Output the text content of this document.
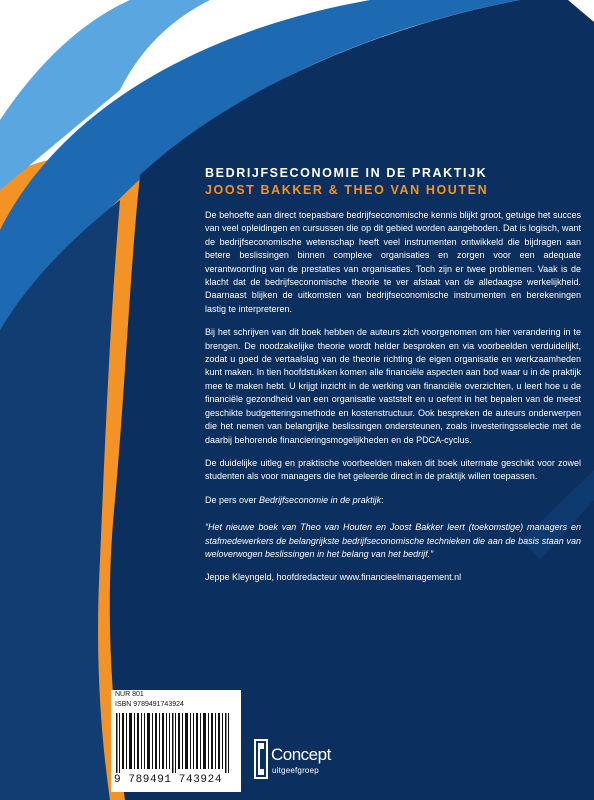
BEDRIJFSECONOMIE IN DE PRAKTIJK
JOOST BAKKER & THEO VAN HOUTEN

De behoefte aan direct toepasbare bedrijfseconomische kennis blijkt groot, getuige het succes van veel opleidingen en cursussen die op dit gebied worden aangeboden. Dat is logisch, want de bedrijfseconomische wetenschap heeft veel instrumenten ontwikkeld die bijdragen aan betere beslissingen binnen complexe organisaties en zorgen voor een adequate verantwoording van de prestaties van organisaties. Toch zijn er twee problemen. Vaak is de klacht dat de bedrijfseconomische theorie te ver afstaat van de alledaagse werkelijkheid. Daarnaast blijken de uitkomsten van bedrijfseconomische instrumenten en berekeningen lastig te interpreteren.

Bij het schrijven van dit boek hebben de auteurs zich voorgenomen om hier verandering in te brengen. De noodzakelijke theorie wordt helder besproken en via voorbeelden verduidelijkt, zodat u goed de vertaalslag van de theorie richting de eigen organisatie en werkzaamheden kunt maken. In tien hoofdstukken komen alle financiële aspecten aan bod waar u in de praktijk mee te maken hebt. U krijgt inzicht in de werking van financiële overzichten, u leert hoe u de financiële gezondheid van een organisatie vaststelt en u oefent in het bepalen van de meest geschikte budgetteringsmethode en kostenstructuur. Ook bespreken de auteurs onderwerpen die het nemen van belangrijke beslissingen ondersteunen, zoals investeringsselectie met de daarbij behorende financieringsmogelijkheden en de PDCA-cyclus.

De duidelijke uitleg en praktische voorbeelden maken dit boek uitermate geschikt voor zowel studenten als voor managers die het geleerde direct in de praktijk willen toepassen.

De pers over Bedrijfseconomie in de praktijk:

“Het nieuwe boek van Theo van Houten en Joost Bakker leert (toekomstige) managers en stafmedewerkers de belangrijkste bedrijfseconomische technieken die aan de basis staan van weloverwogen beslissingen in het belang van het bedrijf.”

Jeppe Kleyngeld, hoofdredacteur www.financieelmanagement.nl

NUR 801
ISBN 9789491743924
9 789491 743924
Concept
uitgeefgroep
